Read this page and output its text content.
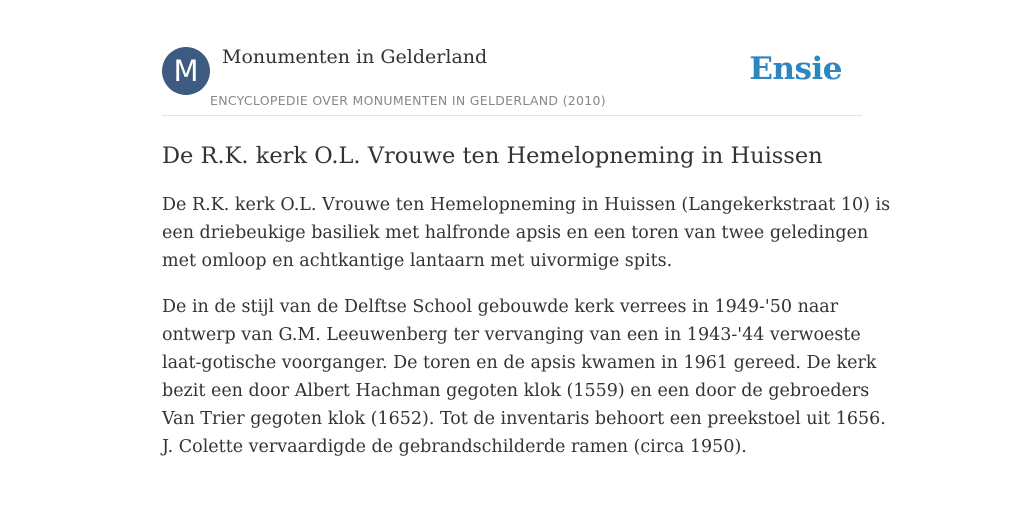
M	Monumenten in Gelderland
ENCYCLOPEDIE OVER MONUMENTEN IN GELDERLAND (2010)
Ensie
De R.K. kerk O.L. Vrouwe ten Hemelopneming in Huissen

De R.K. kerk O.L. Vrouwe ten Hemelopneming in Huissen (Langekerkstraat 10) is
een driebeukige basiliek met halfronde apsis en een toren van twee geledingen
met omloop en achtkantige lantaarn met uivormige spits.

De in de stijl van de Delftse School gebouwde kerk verrees in 1949-'50 naar
ontwerp van G.M. Leeuwenberg ter vervanging van een in 1943-'44 verwoeste
laat-gotische voorganger. De toren en de apsis kwamen in 1961 gereed. De kerk
bezit een door Albert Hachman gegoten klok (1559) en een door de gebroeders
Van Trier gegoten klok (1652). Tot de inventaris behoort een preekstoel uit 1656.
J. Colette vervaardigde de gebrandschilderde ramen (circa 1950).
